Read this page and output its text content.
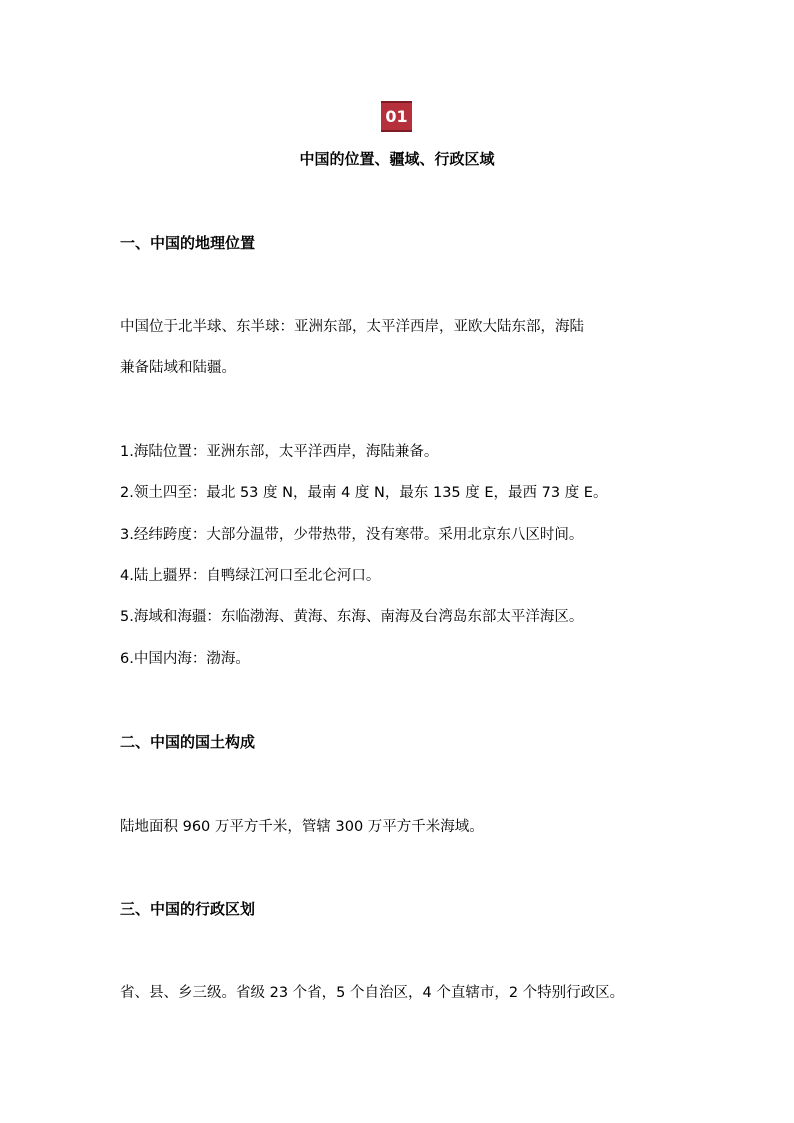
01
中国的位置、疆域、行政区域
一、中国的地理位置
中国位于北半球、东半球：亚洲东部，太平洋西岸，亚欧大陆东部，海陆
兼备陆域和陆疆。
1.海陆位置：亚洲东部，太平洋西岸，海陆兼备。
2.领土四至：最北 53 度 N，最南 4 度 N，最东 135 度 E，最西 73 度 E。
3.经纬跨度：大部分温带，少带热带，没有寒带。采用北京东八区时间。
4.陆上疆界：自鸭绿江河口至北仑河口。
5.海域和海疆：东临渤海、黄海、东海、南海及台湾岛东部太平洋海区。
6.中国内海：渤海。
二、中国的国土构成
陆地面积 960 万平方千米，管辖 300 万平方千米海域。
三、中国的行政区划
省、县、乡三级。省级 23 个省，5 个自治区，4 个直辖市，2 个特别行政区。
